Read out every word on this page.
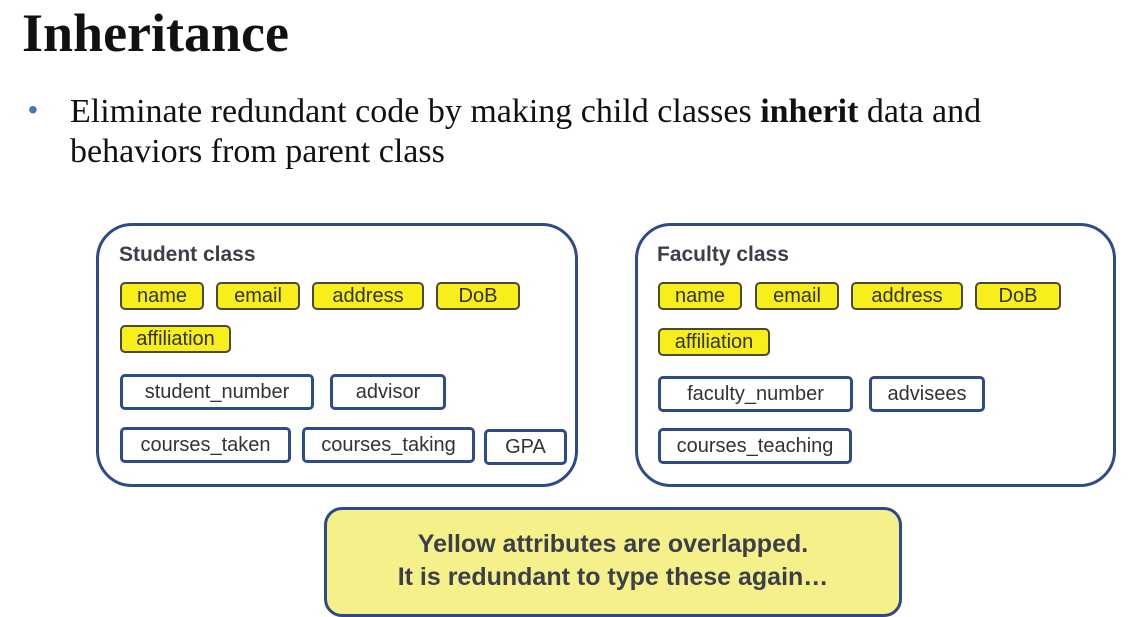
Inheritance
• Eliminate redundant code by making child classes inherit data and behaviors from parent class
Student class
name	email	address	DoB
affiliation
student_number	advisor
courses_taken	courses_taking	GPA
Faculty class
name	email	address	DoB
affiliation
faculty_number	advisees
courses_teaching
Yellow attributes are overlapped.
It is redundant to type these again…
